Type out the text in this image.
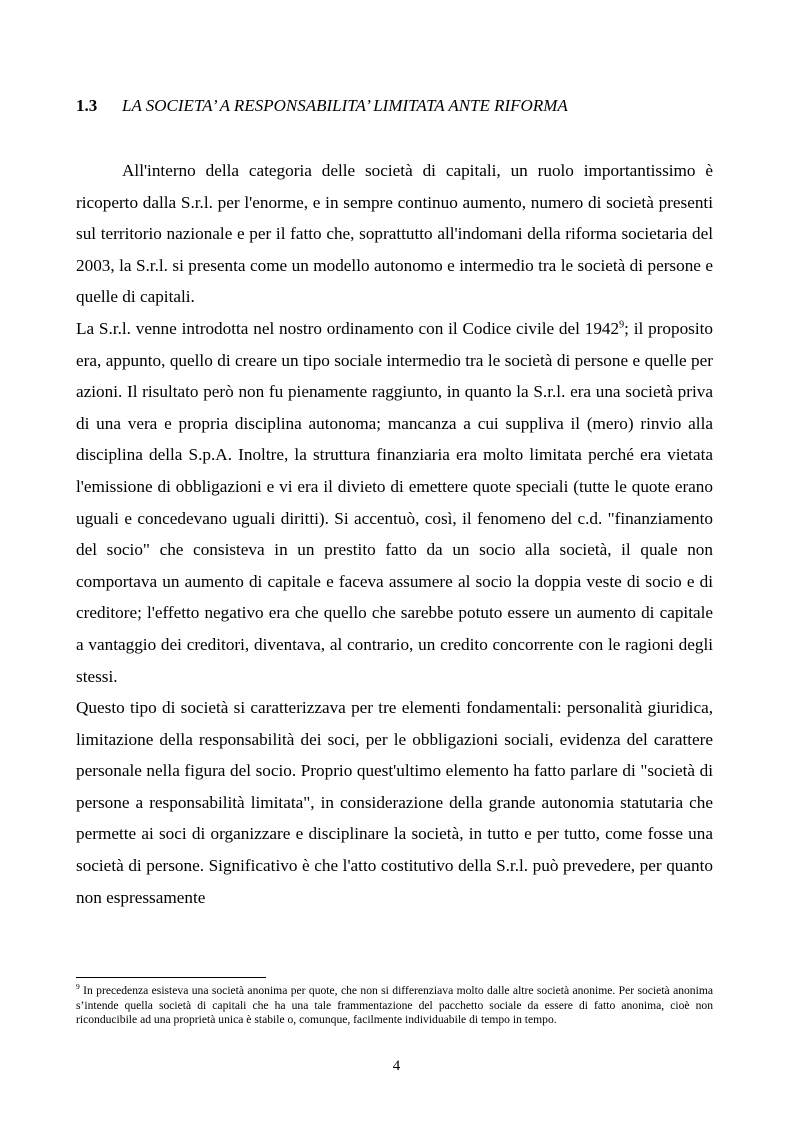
1.3 LA SOCIETA’ A RESPONSABILITA’ LIMITATA ANTE RIFORMA

All'interno della categoria delle società di capitali, un ruolo importantissimo è ricoperto dalla S.r.l. per l'enorme, e in sempre continuo aumento, numero di società presenti sul territorio nazionale e per il fatto che, soprattutto all'indomani della riforma societaria del 2003, la S.r.l. si presenta come un modello autonomo e intermedio tra le società di persone e quelle di capitali.

La S.r.l. venne introdotta nel nostro ordinamento con il Codice civile del 1942$^9$; il proposito era, appunto, quello di creare un tipo sociale intermedio tra le società di persone e quelle per azioni. Il risultato però non fu pienamente raggiunto, in quanto la S.r.l. era una società priva di una vera e propria disciplina autonoma; mancanza a cui suppliva il (mero) rinvio alla disciplina della S.p.A. Inoltre, la struttura finanziaria era molto limitata perché era vietata l'emissione di obbligazioni e vi era il divieto di emettere quote speciali (tutte le quote erano uguali e concedevano uguali diritti). Si accentuò, così, il fenomeno del c.d. "finanziamento del socio" che consisteva in un prestito fatto da un socio alla società, il quale non comportava un aumento di capitale e faceva assumere al socio la doppia veste di socio e di creditore; l'effetto negativo era che quello che sarebbe potuto essere un aumento di capitale a vantaggio dei creditori, diventava, al contrario, un credito concorrente con le ragioni degli stessi.

Questo tipo di società si caratterizzava per tre elementi fondamentali: personalità giuridica, limitazione della responsabilità dei soci, per le obbligazioni sociali, evidenza del carattere personale nella figura del socio. Proprio quest'ultimo elemento ha fatto parlare di "società di persone a responsabilità limitata", in considerazione della grande autonomia statutaria che permette ai soci di organizzare e disciplinare la società, in tutto e per tutto, come fosse una società di persone. Significativo è che l'atto costitutivo della S.r.l. può prevedere, per quanto non espressamente

$^9$ In precedenza esisteva una società anonima per quote, che non si differenziava molto dalle altre società anonime. Per società anonima s’intende quella società di capitali che ha una tale frammentazione del pacchetto sociale da essere di fatto anonima, cioè non riconducibile ad una proprietà unica è stabile o, comunque, facilmente individuabile di tempo in tempo.
4
